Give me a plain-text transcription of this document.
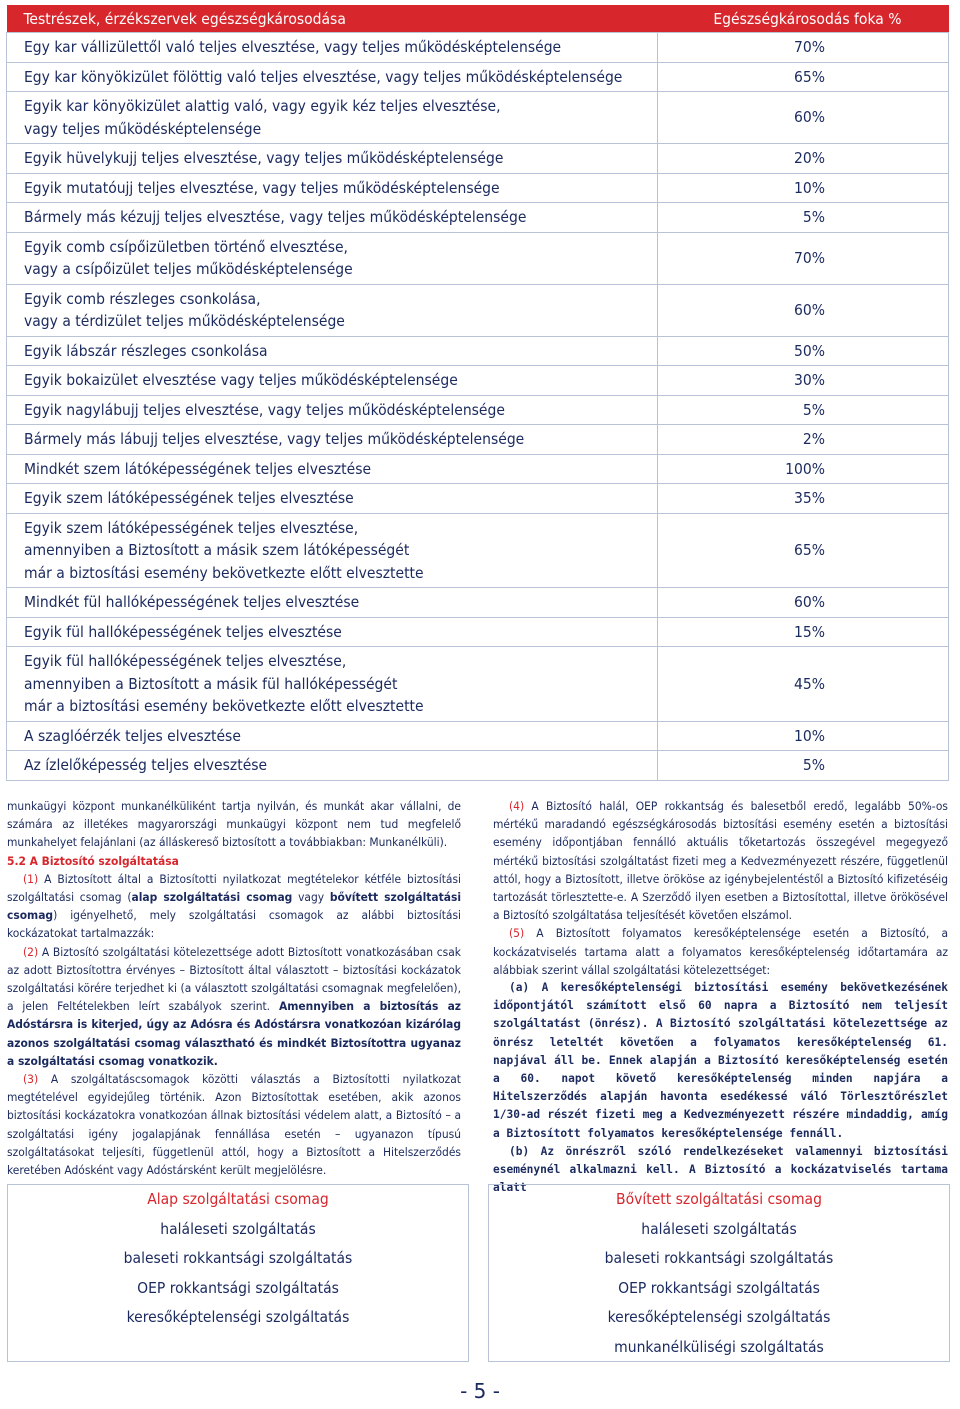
Testrészek, érzékszervek egészségkárosodása	Egészségkárosodás foka %
Egy kar vállizülettől való teljes elvesztése, vagy teljes működésképtelensége	70%
Egy kar könyökizület fölöttig való teljes elvesztése, vagy teljes működésképtelensége	65%
Egyik kar könyökizület alattig való, vagy egyik kéz teljes elvesztése,
vagy teljes működésképtelensége	60%
Egyik hüvelykujj teljes elvesztése, vagy teljes működésképtelensége	20%
Egyik mutatóujj teljes elvesztése, vagy teljes működésképtelensége	10%
Bármely más kézujj teljes elvesztése, vagy teljes működésképtelensége	5%
Egyik comb csípőizületben történő elvesztése,
vagy a csípőizület teljes működésképtelensége	70%
Egyik comb részleges csonkolása,
vagy a térdizület teljes működésképtelensége	60%
Egyik lábszár részleges csonkolása	50%
Egyik bokaizület elvesztése vagy teljes működésképtelensége	30%
Egyik nagylábujj teljes elvesztése, vagy teljes működésképtelensége	5%
Bármely más lábujj teljes elvesztése, vagy teljes működésképtelensége	2%
Mindkét szem látóképességének teljes elvesztése	100%
Egyik szem látóképességének teljes elvesztése	35%
Egyik szem látóképességének teljes elvesztése,
amennyiben a Biztosított a másik szem látóképességét
már a biztosítási esemény bekövetkezte előtt elvesztette	65%
Mindkét fül hallóképességének teljes elvesztése	60%
Egyik fül hallóképességének teljes elvesztése	15%
Egyik fül hallóképességének teljes elvesztése,
amennyiben a Biztosított a másik fül hallóképességét
már a biztosítási esemény bekövetkezte előtt elvesztette	45%
A szaglóérzék teljes elvesztése	10%
Az ízlelőképesség teljes elvesztése	5%

munkaügyi központ munkanélküliként tartja nyilván, és munkát akar vállalni, de számára az illetékes magyarországi munkaügyi központ nem tud megfelelő munkahelyet felajánlani (az álláskereső biztosított a továbbiakban: Munkanélküli).

5.2 A Biztosító szolgáltatása

(1) A Biztosított által a Biztosítotti nyilatkozat megtételekor kétféle biztosítási szolgáltatási csomag (alap szolgáltatási csomag vagy bővített szolgáltatási csomag) igényelhető, mely szolgáltatási csomagok az alábbi biztosítási kockázatokat tartalmazzák:

(2) A Biztosító szolgáltatási kötelezettsége adott Biztosított vonatkozásában csak az adott Biztosítottra érvényes – Biztosított által választott – biztosítási kockázatok szolgáltatási körére terjedhet ki (a választott szolgáltatási csomagnak megfelelően), a jelen Feltételekben leírt szabályok szerint. Amennyiben a biztosítás az Adóstársra is kiterjed, úgy az Adósra és Adóstársra vonatkozóan kizárólag azonos szolgáltatási csomag választható és mindkét Biztosítottra ugyanaz a szolgáltatási csomag vonatkozik.

(3) A szolgáltatáscsomagok közötti választás a Biztosítotti nyilatkozat megtételével egyidejűleg történik. Azon Biztosítottak esetében, akik azonos biztosítási kockázatokra vonatkozóan állnak biztosítási védelem alatt, a Biztosító – a szolgáltatási igény jogalapjának fennállása esetén – ugyanazon típusú szolgáltatásokat teljesíti, függetlenül attól, hogy a Biztosított a Hitelszerződés keretében Adósként vagy Adóstársként került megjelölésre.

(4) A Biztosító halál, OEP rokkantság és balesetből eredő, legalább 50%-os mértékű maradandó egészségkárosodás biztosítási esemény esetén a biztosítási esemény időpontjában fennálló aktuális tőketartozás összegével megegyező mértékű biztosítási szolgáltatást fizeti meg a Kedvezményezett részére, függetlenül attól, hogy a Biztosított, illetve örököse az igénybejelentéstől a Biztosító kifizetéséig tartozását törlesztette-e. A Szerződő ilyen esetben a Biztosítottal, illetve örökösével a Biztosító szolgáltatása teljesítését követően elszámol.

(5) A Biztosított folyamatos keresőképtelensége esetén a Biztosító, a kockázatviselés tartama alatt a folyamatos keresőképtelenség időtartamára az alábbiak szerint vállal szolgáltatási kötelezettséget:

(a) A keresőképtelenségi biztosítási esemény bekövetkezésének időpontjától számított első 60 napra a Biztosító nem teljesít szolgáltatást (önrész). A Biztosító szolgáltatási kötelezettsége az önrész leteltét követően a folyamatos keresőképtelenség 61. napjával áll be. Ennek alapján a Biztosító keresőképtelenség esetén a 60. napot követő keresőképtelenség minden napjára a Hitelszerződés alapján havonta esedékessé váló Törlesztőrészlet 1/30-ad részét fizeti meg a Kedvezményezett részére mindaddig, amíg a Biztosított folyamatos keresőképtelensége fennáll.

(b) Az önrészről szóló rendelkezéseket valamennyi biztosítási eseménynél alkalmazni kell. A Biztosító a kockázatviselés tartama alatt

Alap szolgáltatási csomag
haláleseti szolgáltatás
baleseti rokkantsági szolgáltatás
OEP rokkantsági szolgáltatás
keresőképtelenségi szolgáltatás
Bővített szolgáltatási csomag
haláleseti szolgáltatás
baleseti rokkantsági szolgáltatás
OEP rokkantsági szolgáltatás
keresőképtelenségi szolgáltatás
munkanélküliségi szolgáltatás
- 5 -
